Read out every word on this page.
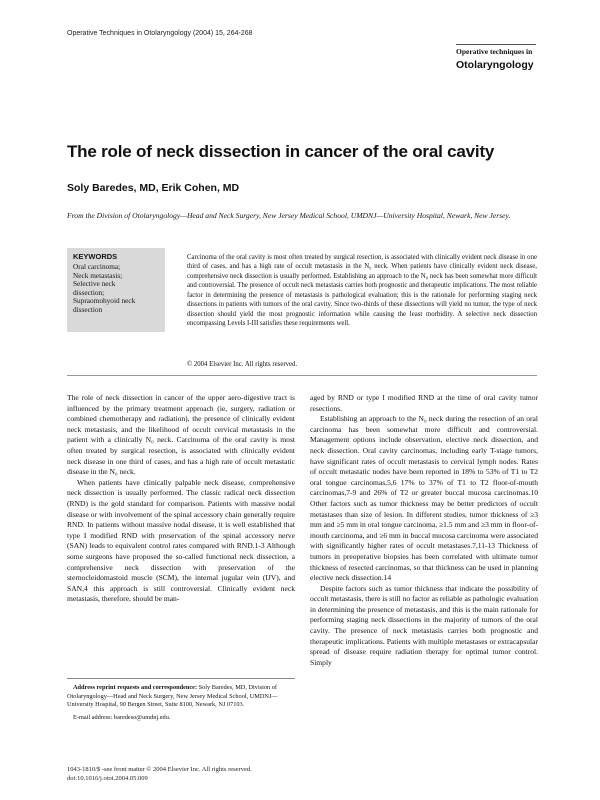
Operative Techniques in Otolaryngology (2004) 15, 264-268
Operative techniques in
Otolaryngology
The role of neck dissection in cancer of the oral cavity

Soly Baredes, MD, Erik Cohen, MD

From the Division of Otolaryngology—Head and Neck Surgery, New Jersey Medical School, UMDNJ—University Hospital, Newark, New Jersey.

KEYWORDS

Oral carcinoma;
Neck metastasis;
Selective neck
dissection;
Supraomohyoid neck
dissection

Carcinoma of the oral cavity is most often treated by surgical resection, is associated with clinically evident neck disease in one third of cases, and has a high rate of occult metastasis in the N₀ neck. When patients have clinically evident neck disease, comprehensive neck dissection is usually performed. Establishing an approach to the N₀ neck has been somewhat more difficult and controversial. The presence of occult neck metastasis carries both prognostic and therapeutic implications. The most reliable factor in determining the presence of metastasis is pathological evaluation; this is the rationale for performing staging neck dissections in patients with tumors of the oral cavity. Since two-thirds of these dissections will yield no tumor, the type of neck dissection should yield the most prognostic information while causing the least morbidity. A selective neck dissection encompassing Levels I-III satisfies these requirements well.

© 2004 Elsevier Inc. All rights reserved.

The role of neck dissection in cancer of the upper aero-digestive tract is influenced by the primary treatment approach (ie, surgery, radiation or combined chemotherapy and radiation), the presence of clinically evident neck metastasis, and the likelihood of occult cervical metastasis in the patient with a clinically N₀ neck. Carcinoma of the oral cavity is most often treated by surgical resection, is associated with clinically evident neck disease in one third of cases, and has a high rate of occult metastatic disease in the N₀ neck.

When patients have clinically palpable neck disease, comprehensive neck dissection is usually performed. The classic radical neck dissection (RND) is the gold standard for comparison. Patients with massive nodal disease or with involvement of the spinal accessory chain generally require RND. In patients without massive nodal disease, it is well established that type I modified RND with preservation of the spinal accessory nerve (SAN) leads to equivalent control rates compared with RND.1-3 Although some surgeons have proposed the so-called functional neck dissection, a comprehensive neck dissection with preservation of the sternocleidomastoid muscle (SCM), the internal jugular vein (IJV), and SAN,4 this approach is still controversial. Clinically evident neck metastasis, therefore, should be man-

aged by RND or type I modified RND at the time of oral cavity tumor resections.

Establishing an approach to the N₀ neck during the resection of an oral carcinoma has been somewhat more difficult and controversial. Management options include observation, elective neck dissection, and neck dissection. Oral cavity carcinomas, including early T-stage tumors, have significant rates of occult metastasis to cervical lymph nodes. Rates of occult metastatic nodes have been reported in 18% to 53% of T1 to T2 oral tongue carcinomas,5,6 17% to 37% of T1 to T2 floor-of-mouth carcinomas,7-9 and 26% of T2 or greater buccal mucosa carcinomas.10 Other factors such as tumor thickness may be better predictors of occult metastases than size of lesion. In different studies, tumor thickness of ≥3 mm and ≥5 mm in oral tongue carcinoma, ≥1.5 mm and ≥3 mm in floor-of-mouth carcinoma, and ≥6 mm in buccal mucosa carcinoma were associated with significantly higher rates of occult metastases.7,11-13 Thickness of tumors in preoperative biopsies has been correlated with ultimate tumor thickness of resected carcinomas, so that thickness can be used in planning elective neck dissection.14

Despite factors such as tumor thickness that indicate the possibility of occult metastasis, there is still no factor as reliable as pathologic evaluation in determining the presence of metastasis, and this is the main rationale for performing staging neck dissections in the majority of tumors of the oral cavity. The presence of neck metastasis carries both prognostic and therapeutic implications. Patients with multiple metastases or extracapsular spread of disease require radiation therapy for optimal tumor control. Simply

Address reprint requests and correspondence: Soly Baredes, MD, Division of Otolaryngology—Head and Neck Surgery, New Jersey Medical School, UMDNJ—University Hospital, 90 Bergen Street, Suite 8100, Newark, NJ 07103.

E-mail address: baredeso@umdnj.edu.

1043-1810/$ -see front matter © 2004 Elsevier Inc. All rights reserved.

doi:10.1016/j.otot.2004.05.009
